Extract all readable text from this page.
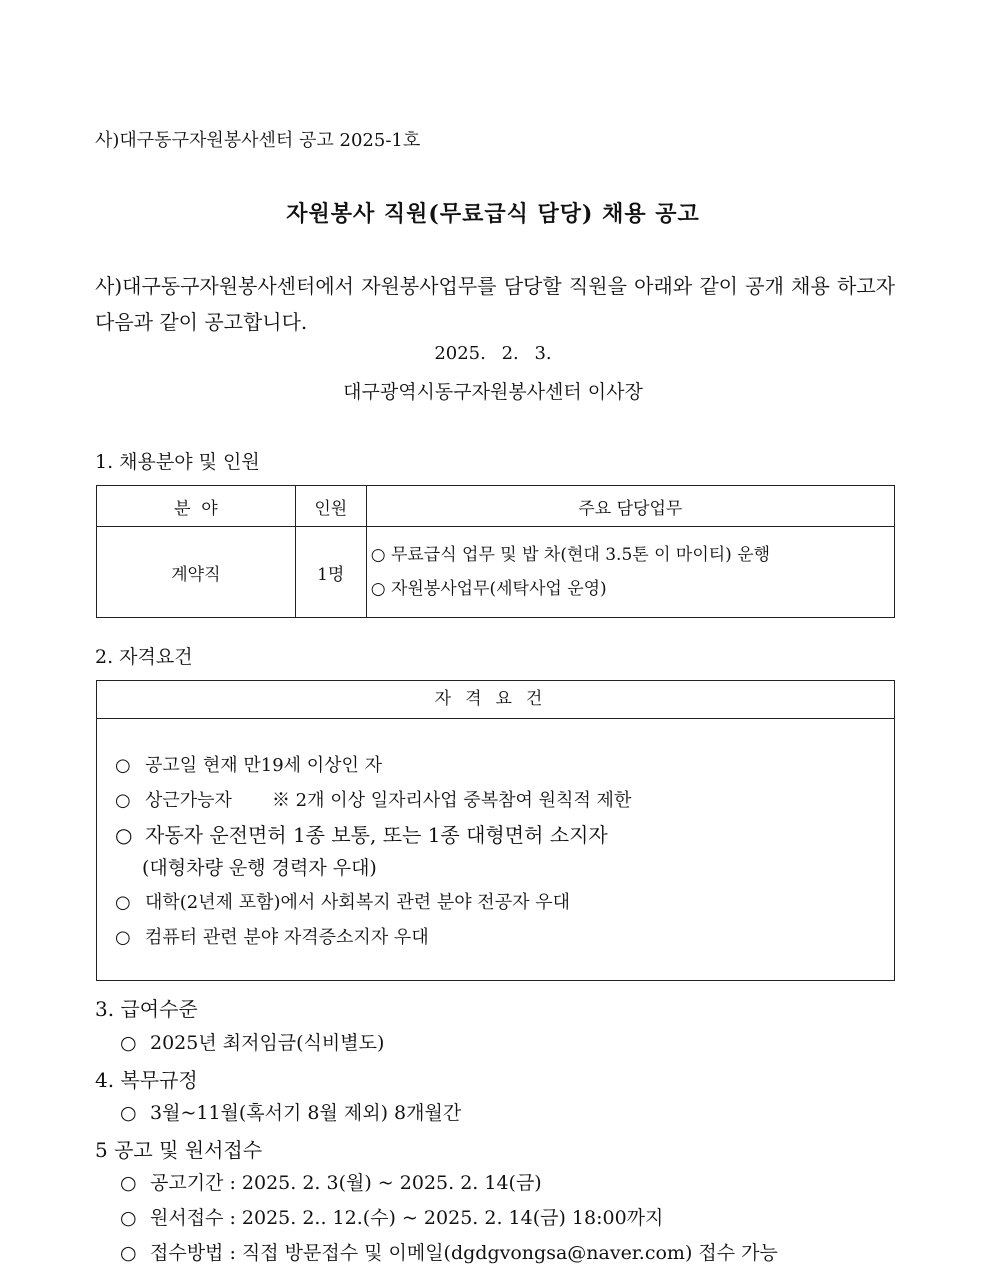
사)대구동구자원봉사센터 공고 2025-1호
자원봉사 직원(무료급식 담당) 채용 공고
사)대구동구자원봉사센터에서 자원봉사업무를 담당할 직원을 아래와 같이 공개 채용 하고자 다음과 같이 공고합니다.
2025. 2. 3.
대구광역시동구자원봉사센터 이사장
1. 채용분야 및 인원
분  야	인원	주요 담당업무
계약직	1명	○ 무료급식 업무 및 밥 차(현대 3.5톤 이 마이티) 운행
○ 자원봉사업무(세탁사업 운영)
2. 자격요건
자격요건
○ 공고일 현재 만19세 이상인 자
○ 상근가능자 ※ 2개 이상 일자리사업 중복참여 원칙적 제한
○ 자동자 운전면허 1종 보통, 또는 1종 대형면허 소지자
(대형차량 운행 경력자 우대)
○ 대학(2년제 포함)에서 사회복지 관련 분야 전공자 우대
○ 컴퓨터 관련 분야 자격증소지자 우대
3. 급여수준
○ 2025년 최저임금(식비별도)
4. 복무규정
○ 3월~11월(혹서기 8월 제외) 8개월간
5 공고 및 원서접수
○ 공고기간 : 2025. 2. 3(월) ~ 2025. 2. 14(금)
○ 원서접수 : 2025. 2.. 12.(수) ~ 2025. 2. 14(금) 18:00까지
○ 접수방법 : 직접 방문접수 및 이메일(dgdgvongsa@naver.com) 접수 가능
